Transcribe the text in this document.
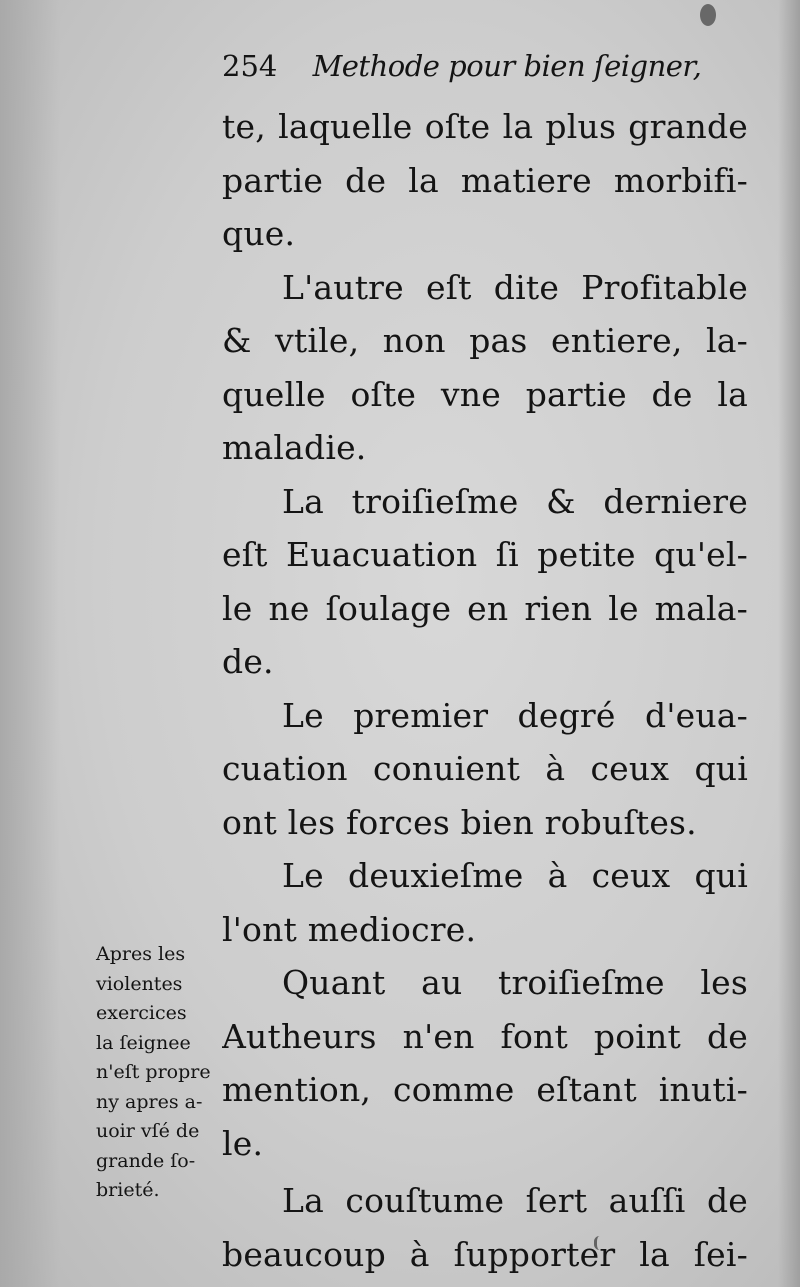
254 Methode pour bien ſeigner,
te, laquelle oſte la plus grande
partie de la matiere morbifi-
que.
L'autre eſt dite Profitable
& vtile, non pas entiere, la-
quelle oſte vne partie de la
maladie.
La troiſieſme & derniere
eſt Euacuation ſi petite qu'el-
le ne ſoulage en rien le mala-
de.
Le premier degré d'eua-
cuation conuient à ceux qui
ont les forces bien robuſtes.
Le deuxieſme à ceux qui
l'ont mediocre.
Quant au troiſieſme les
Autheurs n'en font point de
mention, comme eſtant inuti-
le.
La couſtume ſert auſſi de
beaucoup à ſupporter la ſei-
Apres les
violentes
exercices
la ſeignee
n'eſt propre
ny apres a-
uoir vſé de
grande ſo-
brieté.
